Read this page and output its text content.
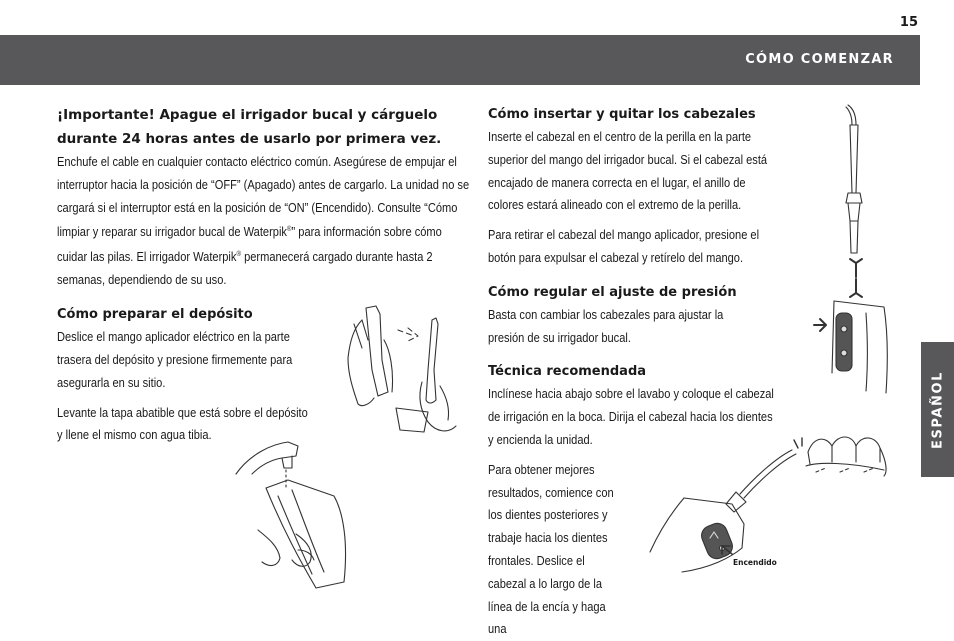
15
CÓMO COMENZAR
ESPAÑOL
¡Importante! Apague el irrigador bucal y cárguelo durante 24 horas antes de usarlo por primera vez.

Enchufe el cable en cualquier contacto eléctrico común. Asegúrese de empujar el interruptor hacia la posición de “OFF” (Apagado) antes de cargarlo. La unidad no se cargará si el interruptor está en la posición de “ON” (Encendido). Consulte “Cómo limpiar y reparar su irrigador bucal de Waterpik®” para información sobre cómo cuidar las pilas. El irrigador Waterpik® permanecerá cargado durante hasta 2 semanas, dependiendo de su uso.

Cómo preparar el depósito

Deslice el mango aplicador eléctrico en la parte trasera del depósito y presione firmemente para asegurarla en su sitio.

Levante la tapa abatible que está sobre el depósito y llene el mismo con agua tibia.

Cómo insertar y quitar los cabezales

Inserte el cabezal en el centro de la perilla en la parte superior del mango del irrigador bucal. Si el cabezal está encajado de manera correcta en el lugar, el anillo de colores estará alineado con el extremo de la perilla.

Para retirar el cabezal del mango aplicador, presione el botón para expulsar el cabezal y retírelo del mango.

Cómo regular el ajuste de presión

Basta con cambiar los cabezales para ajustar la presión de su irrigador bucal.

Técnica recomendada

Inclínese hacia abajo sobre el lavabo y coloque el cabezal de irrigación en la boca. Dirija el cabezal hacia los dientes y encienda la unidad.

Para obtener mejores resultados, comience con los dientes posteriores y trabaje hacia los dientes frontales. Deslice el cabezal a lo largo de la línea de la encía y haga una

Encendido
